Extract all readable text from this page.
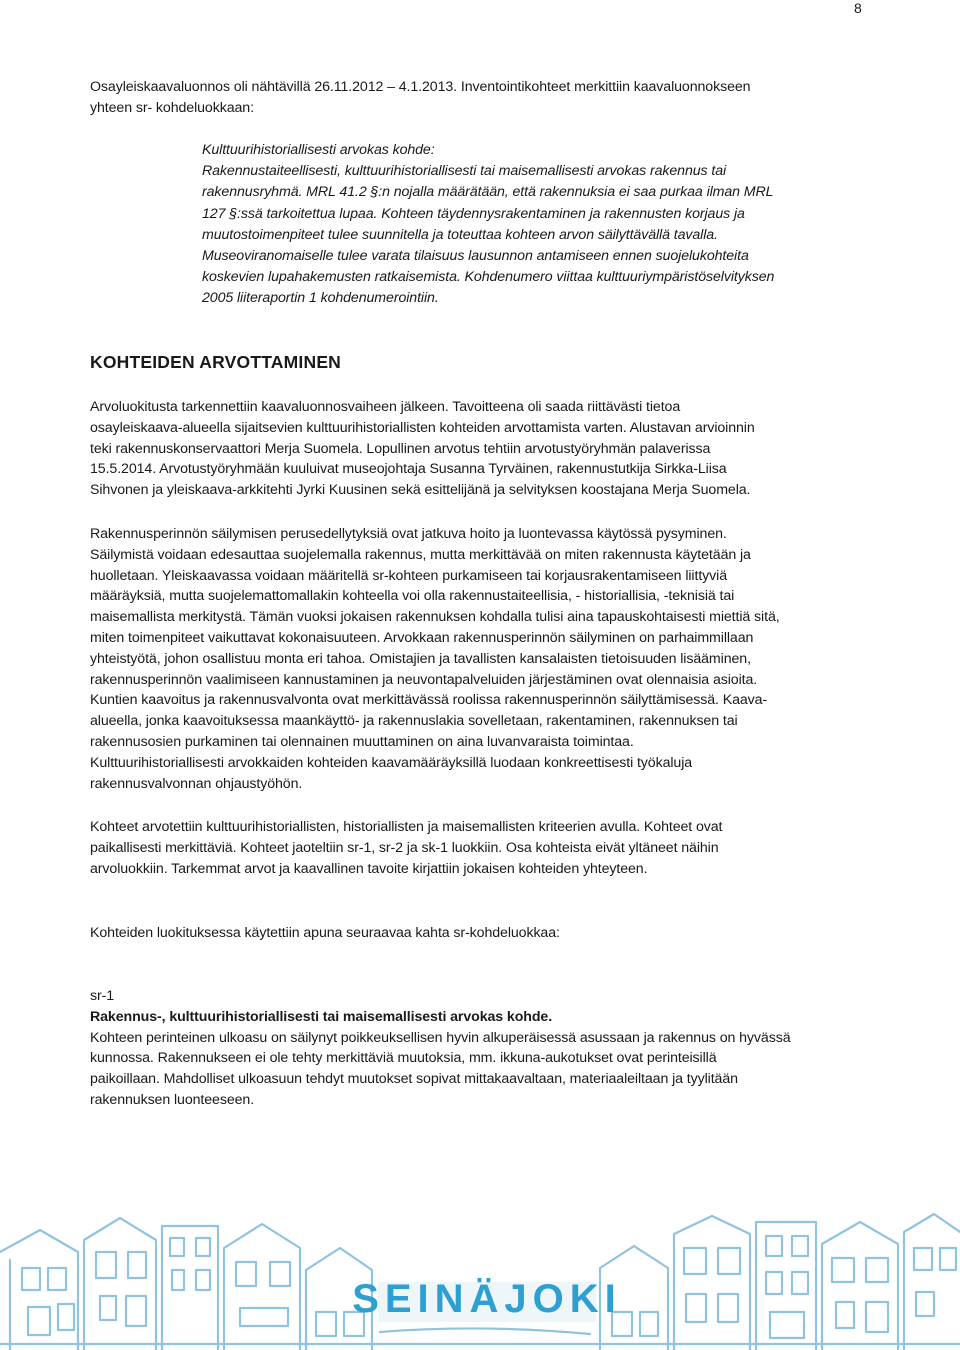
8
Osayleiskaavaluonnos oli nähtävillä 26.11.2012 – 4.1.2013. Inventointikohteet merkittiin kaavaluonnokseen
yhteen sr- kohdeluokkaan:
Kulttuurihistoriallisesti arvokas kohde:
Rakennustaiteellisesti, kulttuurihistoriallisesti tai maisemallisesti arvokas rakennus tai
rakennusryhmä. MRL 41.2 §:n nojalla määrätään, että rakennuksia ei saa purkaa ilman MRL
127 §:ssä tarkoitettua lupaa. Kohteen täydennysrakentaminen ja rakennusten korjaus ja
muutostoimenpiteet tulee suunnitella ja toteuttaa kohteen arvon säilyttävällä tavalla.
Museoviranomaiselle tulee varata tilaisuus lausunnon antamiseen ennen suojelukohteita
koskevien lupahakemusten ratkaisemista. Kohdenumero viittaa kulttuuriympäristöselvityksen
2005 liiteraportin 1 kohdenumerointiin.
KOHTEIDEN ARVOTTAMINEN
Arvoluokitusta tarkennettiin kaavaluonnosvaiheen jälkeen. Tavoitteena oli saada riittävästi tietoa
osayleiskaava-alueella sijaitsevien kulttuurihistoriallisten kohteiden arvottamista varten. Alustavan arvioinnin
teki rakennuskonservaattori Merja Suomela. Lopullinen arvotus tehtiin arvotustyöryhmän palaverissa
15.5.2014. Arvotustyöryhmään kuuluivat museojohtaja Susanna Tyrväinen, rakennustutkija Sirkka-Liisa
Sihvonen ja yleiskaava-arkkitehti Jyrki Kuusinen sekä esittelijänä ja selvityksen koostajana Merja Suomela.
Rakennusperinnön säilymisen perusedellytyksiä ovat jatkuva hoito ja luontevassa käytössä pysyminen.
Säilymistä voidaan edesauttaa suojelemalla rakennus, mutta merkittävää on miten rakennusta käytetään ja
huolletaan. Yleiskaavassa voidaan määritellä sr-kohteen purkamiseen tai korjausrakentamiseen liittyviä
määräyksiä, mutta suojelemattomallakin kohteella voi olla rakennustaiteellisia, - historiallisia, -teknisiä tai
maisemallista merkitystä. Tämän vuoksi jokaisen rakennuksen kohdalla tulisi aina tapauskohtaisesti miettiä sitä,
miten toimenpiteet vaikuttavat kokonaisuuteen. Arvokkaan rakennusperinnön säilyminen on parhaimmillaan
yhteistyötä, johon osallistuu monta eri tahoa. Omistajien ja tavallisten kansalaisten tietoisuuden lisääminen,
rakennusperinnön vaalimiseen kannustaminen ja neuvontapalveluiden järjestäminen ovat olennaisia asioita.
Kuntien kaavoitus ja rakennusvalvonta ovat merkittävässä roolissa rakennusperinnön säilyttämisessä. Kaava-
alueella, jonka kaavoituksessa maankäyttö- ja rakennuslakia sovelletaan, rakentaminen, rakennuksen tai
rakennusosien purkaminen tai olennainen muuttaminen on aina luvanvaraista toimintaa.
Kulttuurihistoriallisesti arvokkaiden kohteiden kaavamääräyksillä luodaan konkreettisesti työkaluja
rakennusvalvonnan ohjaustyöhön.
Kohteet arvotettiin kulttuurihistoriallisten, historiallisten ja maisemallisten kriteerien avulla. Kohteet ovat
paikallisesti merkittäviä. Kohteet jaoteltiin sr-1, sr-2 ja sk-1 luokkiin. Osa kohteista eivät yltäneet näihin
arvoluokkiin. Tarkemmat arvot ja kaavallinen tavoite kirjattiin jokaisen kohteiden yhteyteen.
Kohteiden luokituksessa käytettiin apuna seuraavaa kahta sr-kohdeluokkaa:
sr-1
Rakennus-, kulttuurihistoriallisesti tai maisemallisesti arvokas kohde.
Kohteen perinteinen ulkoasu on säilynyt poikkeuksellisen hyvin alkuperäisessä asussaan ja rakennus on hyvässä
kunnossa. Rakennukseen ei ole tehty merkittäviä muutoksia, mm. ikkuna-aukotukset ovat perinteisillä
paikoillaan. Mahdolliset ulkoasuun tehdyt muutokset sopivat mittakaavaltaan, materiaaleiltaan ja tyylitään
rakennuksen luonteeseen.
SEINÄJOKI
